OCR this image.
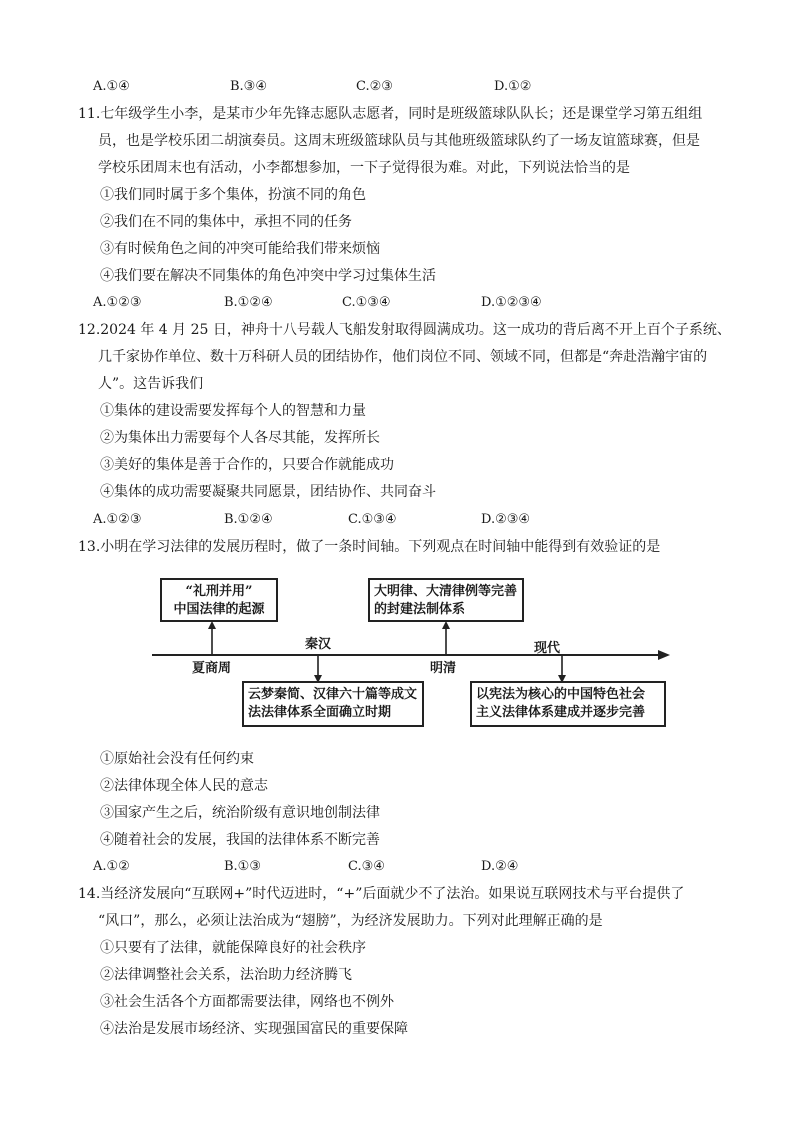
A.①④	B.③④	C.②③	D.①②
11.七年级学生小李，是某市少年先锋志愿队志愿者，同时是班级篮球队队长；还是课堂学习第五组组
员，也是学校乐团二胡演奏员。这周末班级篮球队员与其他班级篮球队约了一场友谊篮球赛，但是
学校乐团周末也有活动，小李都想参加，一下子觉得很为难。对此，下列说法恰当的是
①我们同时属于多个集体，扮演不同的角色
②我们在不同的集体中，承担不同的任务
③有时候角色之间的冲突可能给我们带来烦恼
④我们要在解决不同集体的角色冲突中学习过集体生活
A.①②③	B.①②④	C.①③④	D.①②③④
12.2024 年 4 月 25 日，神舟十八号载人飞船发射取得圆满成功。这一成功的背后离不开上百个子系统、
几千家协作单位、数十万科研人员的团结协作，他们岗位不同、领域不同，但都是“奔赴浩瀚宇宙的
人”。这告诉我们
①集体的建设需要发挥每个人的智慧和力量
②为集体出力需要每个人各尽其能，发挥所长
③美好的集体是善于合作的，只要合作就能成功
④集体的成功需要凝聚共同愿景，团结协作、共同奋斗
A.①②③	B.①②④	C.①③④	D.②③④
13.小明在学习法律的发展历程时，做了一条时间轴。下列观点在时间轴中能得到有效验证的是
“礼刑并用”
中国法律的起源
大明律、大清律例等完善
的封建法制体系
云梦秦简、汉律六十篇等成文
法法律体系全面确立时期
以宪法为核心的中国特色社会
主义法律体系建成并逐步完善
夏商周
秦汉
明清
现代
①原始社会没有任何约束
②法律体现全体人民的意志
③国家产生之后，统治阶级有意识地创制法律
④随着社会的发展，我国的法律体系不断完善
A.①②	B.①③	C.③④	D.②④
14.当经济发展向“互联网+”时代迈进时，“+”后面就少不了法治。如果说互联网技术与平台提供了
“风口”，那么，必须让法治成为“翅膀”，为经济发展助力。下列对此理解正确的是
①只要有了法律，就能保障良好的社会秩序
②法律调整社会关系，法治助力经济腾飞
③社会生活各个方面都需要法律，网络也不例外
④法治是发展市场经济、实现强国富民的重要保障
